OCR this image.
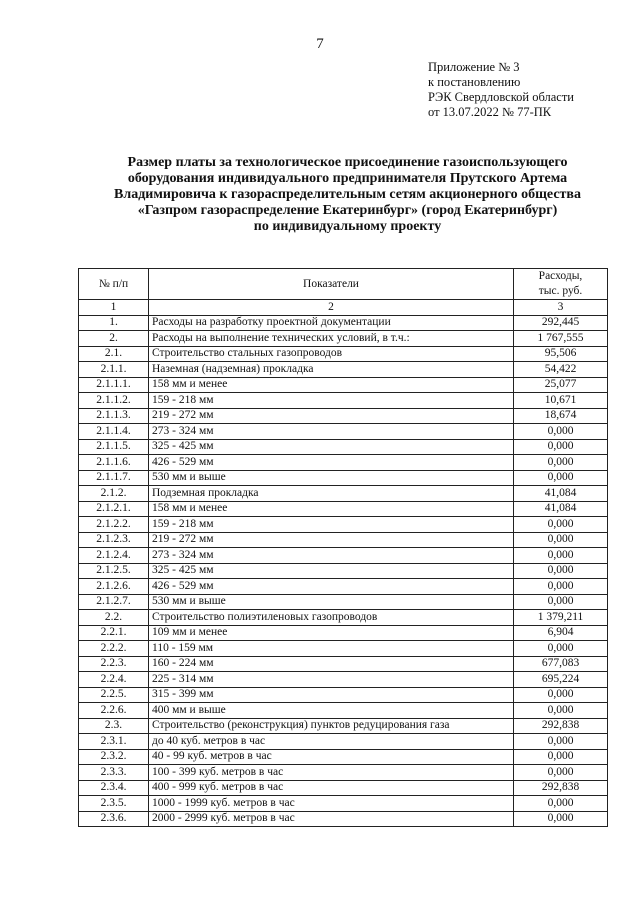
7
Приложение № 3
к постановлению
РЭК Свердловской области
от 13.07.2022 № 77-ПК
Размер платы за технологическое присоединение газоиспользующего
оборудования индивидуального предпринимателя Прутского Артема
Владимировича к газораспределительным сетям акционерного общества
«Газпром газораспределение Екатеринбург» (город Екатеринбург)
по индивидуальному проекту
№ п/п	Показатели	Расходы,
тыс. руб.
1	2	3
1.	Расходы на разработку проектной документации	292,445
2.	Расходы на выполнение технических условий, в т.ч.:	1 767,555
2.1.	Строительство стальных газопроводов	95,506
2.1.1.	Наземная (надземная) прокладка	54,422
2.1.1.1.	158 мм и менее	25,077
2.1.1.2.	159 - 218 мм	10,671
2.1.1.3.	219 - 272 мм	18,674
2.1.1.4.	273 - 324 мм	0,000
2.1.1.5.	325 - 425 мм	0,000
2.1.1.6.	426 - 529 мм	0,000
2.1.1.7.	530 мм и выше	0,000
2.1.2.	Подземная прокладка	41,084
2.1.2.1.	158 мм и менее	41,084
2.1.2.2.	159 - 218 мм	0,000
2.1.2.3.	219 - 272 мм	0,000
2.1.2.4.	273 - 324 мм	0,000
2.1.2.5.	325 - 425 мм	0,000
2.1.2.6.	426 - 529 мм	0,000
2.1.2.7.	530 мм и выше	0,000
2.2.	Строительство полиэтиленовых газопроводов	1 379,211
2.2.1.	109 мм и менее	6,904
2.2.2.	110 - 159 мм	0,000
2.2.3.	160 - 224 мм	677,083
2.2.4.	225 - 314 мм	695,224
2.2.5.	315 - 399 мм	0,000
2.2.6.	400 мм и выше	0,000
2.3.	Строительство (реконструкция) пунктов редуцирования газа	292,838
2.3.1.	до 40 куб. метров в час	0,000
2.3.2.	40 - 99 куб. метров в час	0,000
2.3.3.	100 - 399 куб. метров в час	0,000
2.3.4.	400 - 999 куб. метров в час	292,838
2.3.5.	1000 - 1999 куб. метров в час	0,000
2.3.6.	2000 - 2999 куб. метров в час	0,000
